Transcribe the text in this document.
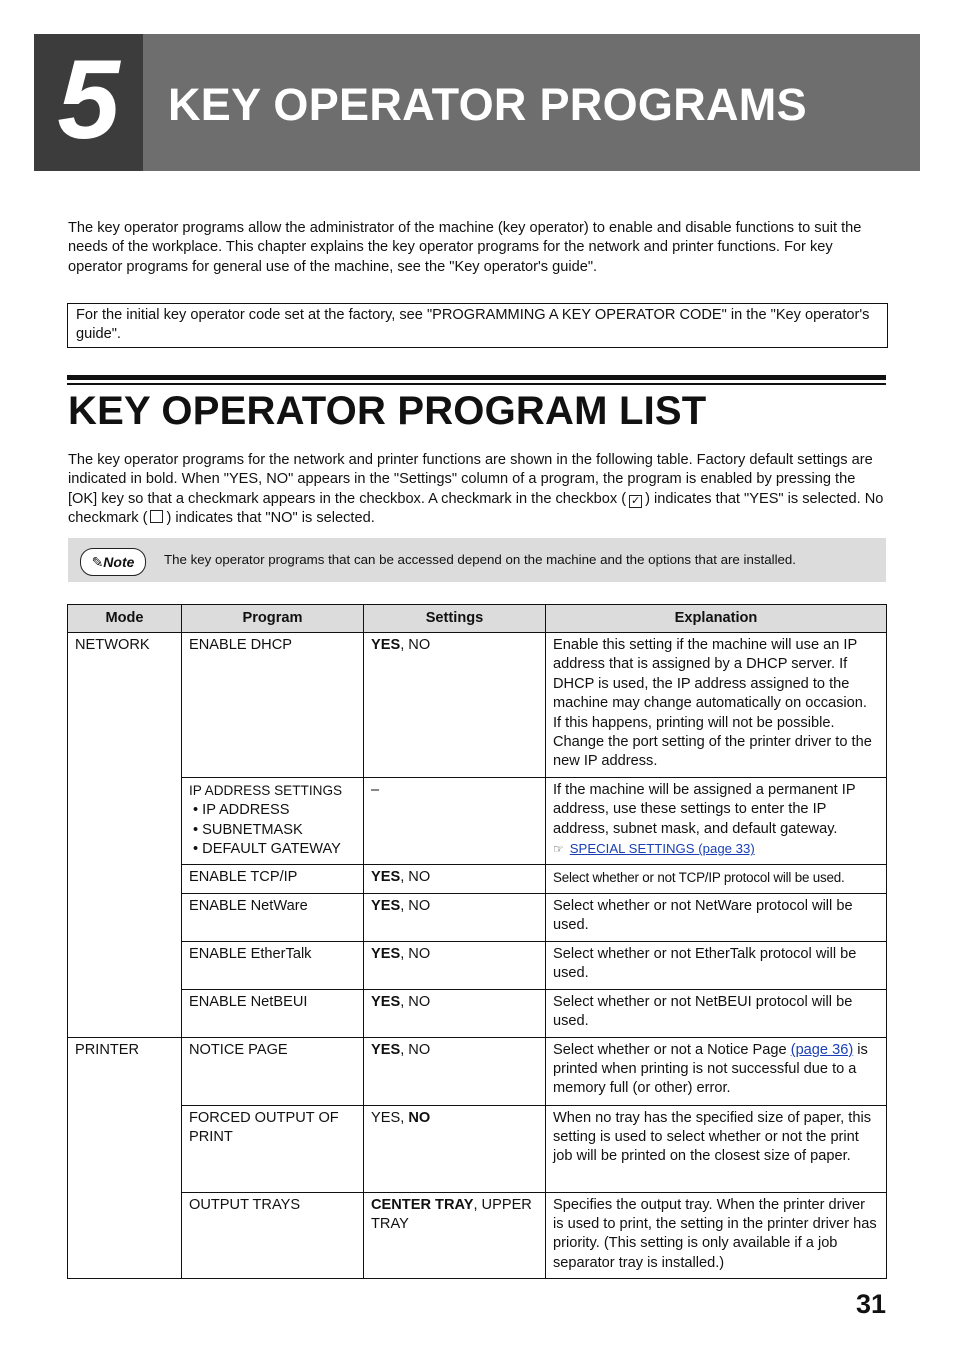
5	KEY OPERATOR PROGRAMS

The key operator programs allow the administrator of the machine (key operator) to enable and disable functions to suit the needs of the workplace. This chapter explains the key operator programs for the network and printer functions. For key operator programs for general use of the machine, see the "Key operator's guide".

For the initial key operator code set at the factory, see "PROGRAMMING A KEY OPERATOR CODE" in the "Key operator's guide".
KEY OPERATOR PROGRAM LIST

The key operator programs for the network and printer functions are shown in the following table. Factory default settings are indicated in bold. When "YES, NO" appears in the "Settings" column of a program, the program is enabled by pressing the [OK] key so that a checkmark appears in the checkbox. A checkmark in the checkbox ( ✓ ) indicates that "YES" is selected. No checkmark ( ) indicates that "NO" is selected.

✎Note	The key operator programs that can be accessed depend on the machine and the options that are installed.
Mode	Program	Settings	Explanation
NETWORK	ENABLE DHCP	YES, NO	Enable this setting if the machine will use an IP address that is assigned by a DHCP server. If DHCP is used, the IP address assigned to the machine may change automatically on occasion. If this happens, printing will not be possible. Change the port setting of the printer driver to the new IP address.
	IP ADDRESS SETTINGS
• IP ADDRESS
• SUBNETMASK
• DEFAULT GATEWAY	–	If the machine will be assigned a permanent IP address, use these settings to enter the IP address, subnet mask, and default gateway.
☞ SPECIAL SETTINGS (page 33)
	ENABLE TCP/IP	YES, NO	Select whether or not TCP/IP protocol will be used.
	ENABLE NetWare	YES, NO	Select whether or not NetWare protocol will be used.
	ENABLE EtherTalk	YES, NO	Select whether or not EtherTalk protocol will be used.
	ENABLE NetBEUI	YES, NO	Select whether or not NetBEUI protocol will be used.
PRINTER	NOTICE PAGE	YES, NO	Select whether or not a Notice Page (page 36) is printed when printing is not successful due to a memory full (or other) error.
	FORCED OUTPUT OF PRINT	YES, NO	When no tray has the specified size of paper, this setting is used to select whether or not the print job will be printed on the closest size of paper.
	OUTPUT TRAYS	CENTER TRAY, UPPER TRAY	Specifies the output tray. When the printer driver is used to print, the setting in the printer driver has priority. (This setting is only available if a job separator tray is installed.)
31
